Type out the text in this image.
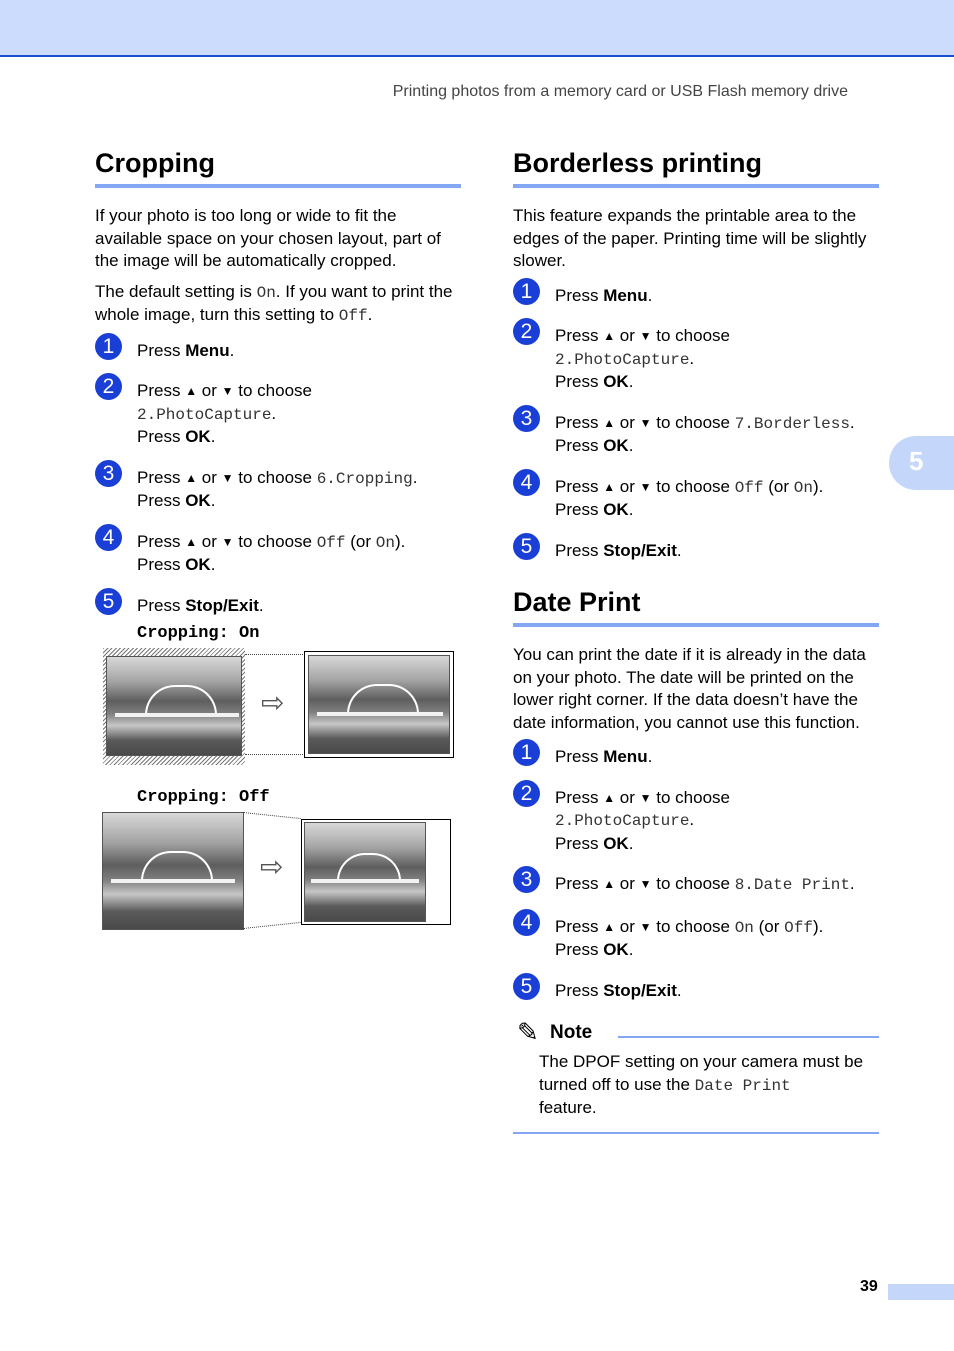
Printing photos from a memory card or USB Flash memory drive
5
Cropping

If your photo is too long or wide to fit the available space on your chosen layout, part of the image will be automatically cropped.

The default setting is On. If you want to print the whole image, turn this setting to Off.

1	Press Menu.
2	Press ▲ or ▼ to choose
2.PhotoCapture.
Press OK.
3	Press ▲ or ▼ to choose 6.Cropping.
Press OK.
4	Press ▲ or ▼ to choose Off (or On).
Press OK.
5	Press Stop/Exit.
Cropping: On
⇨
Cropping: Off
⇨
Borderless printing

This feature expands the printable area to the edges of the paper. Printing time will be slightly slower.

1	Press Menu.
2	Press ▲ or ▼ to choose
2.PhotoCapture.
Press OK.
3	Press ▲ or ▼ to choose 7.Borderless.
Press OK.
4	Press ▲ or ▼ to choose Off (or On).
Press OK.
5	Press Stop/Exit.
Date Print

You can print the date if it is already in the data on your photo. The date will be printed on the lower right corner. If the data doesn’t have the date information, you cannot use this function.

1	Press Menu.
2	Press ▲ or ▼ to choose
2.PhotoCapture.
Press OK.
3	Press ▲ or ▼ to choose 8.Date Print.
4	Press ▲ or ▼ to choose On (or Off).
Press OK.
5	Press Stop/Exit.
✎ Note

The DPOF setting on your camera must be turned off to use the Date Print
feature.

39
